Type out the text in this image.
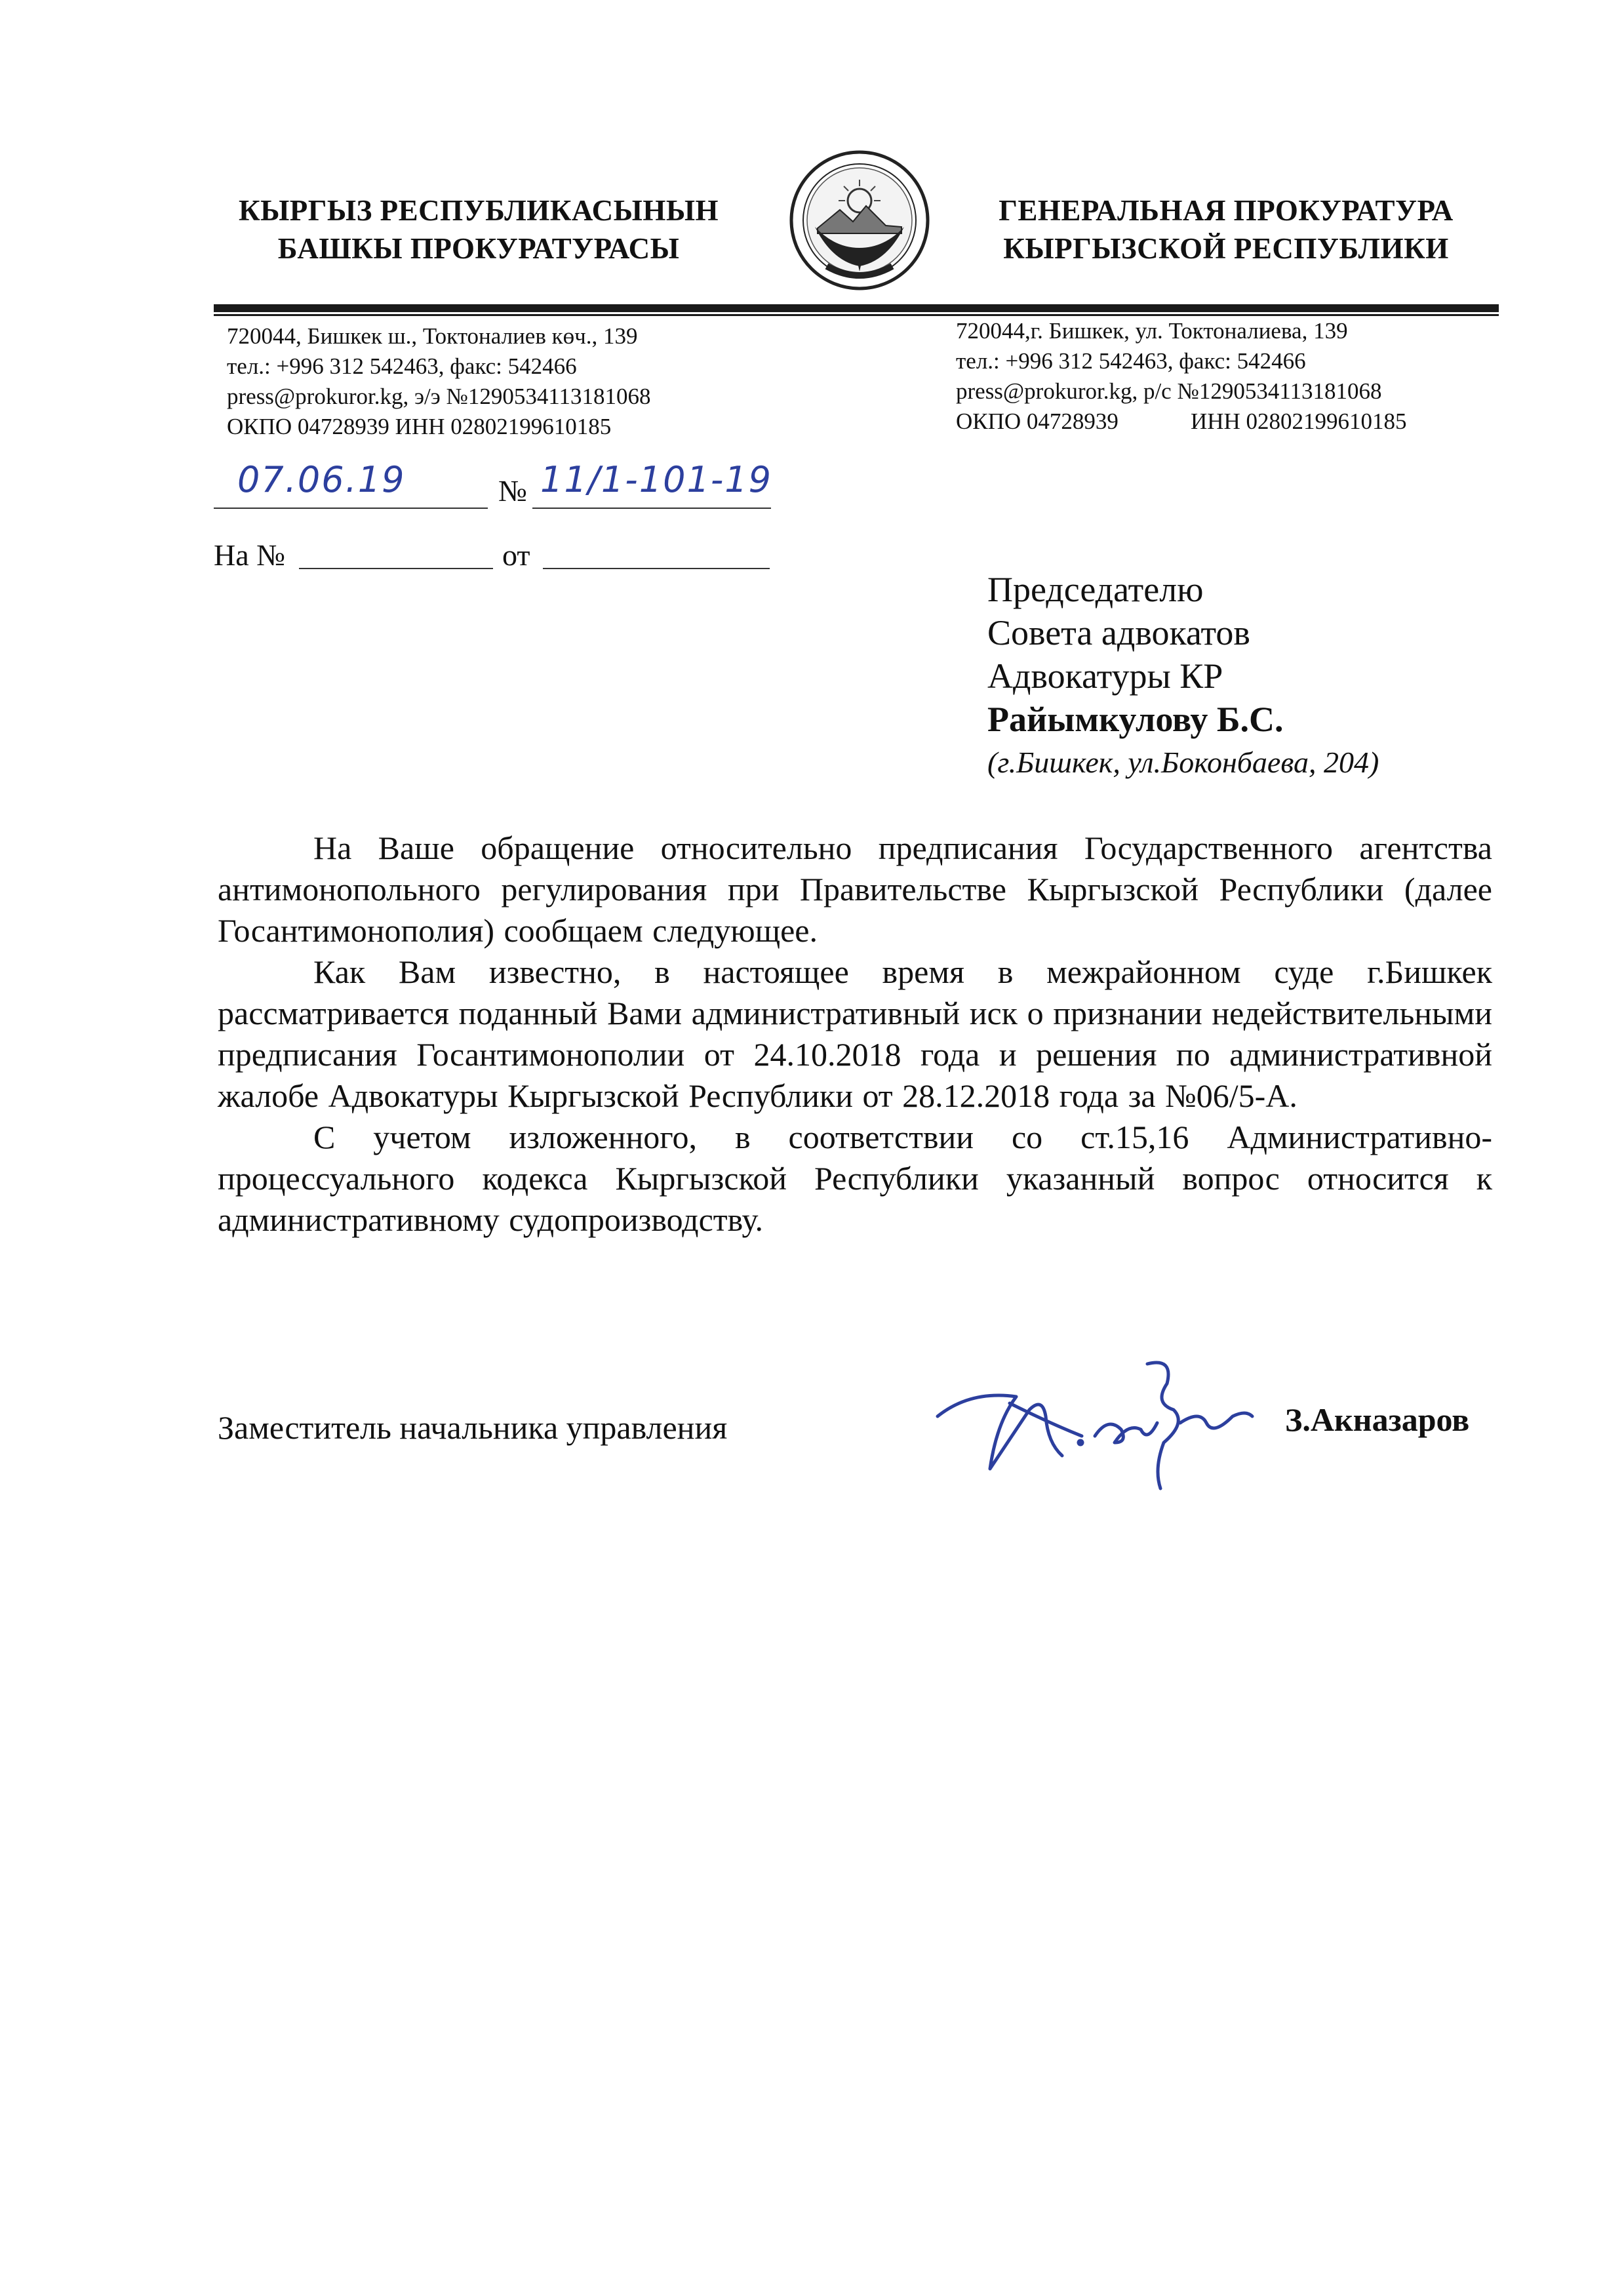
КЫРГЫЗ РЕСПУБЛИКАСЫНЫН
БАШКЫ ПРОКУРАТУРАСЫ
ГЕНЕРАЛЬНАЯ ПРОКУРАТУРА
КЫРГЫЗСКОЙ РЕСПУБЛИКИ
720044, Бишкек ш., Токтоналиев көч., 139
тел.: +996 312 542463, факс: 542466
press@prokuror.kg, э/э №1290534113181068
ОКПО 04728939 ИНН 02802199610185
720044,г. Бишкек, ул. Токтоналиева, 139
тел.: +996 312 542463, факс: 542466
press@prokuror.kg, р/с №1290534113181068
ОКПО 04728939	ИНН 02802199610185
07.06.19	№ 11/1-101-19
На №	от
Председателю
Совета адвокатов
Адвокатуры КР
Райымкулову Б.С.
(г.Бишкек, ул.Боконбаева, 204)

На Ваше обращение относительно предписания Государственного агентства антимонопольного регулирования при Правительстве Кыргызской Республики (далее Госантимонополия) сообщаем следующее.

Как Вам известно, в настоящее время в межрайонном суде г.Бишкек рассматривается поданный Вами административный иск о признании недействительными предписания Госантимонополии от 24.10.2018 года и решения по административной жалобе Адвокатуры Кыргызской Республики от 28.12.2018 года за №06/5-А.

С учетом изложенного, в соответствии со ст.15,16 Административно-процессуального кодекса Кыргызской Республики указанный вопрос относится к административному судопроизводству.

Заместитель начальника управления	З.Акназаров
